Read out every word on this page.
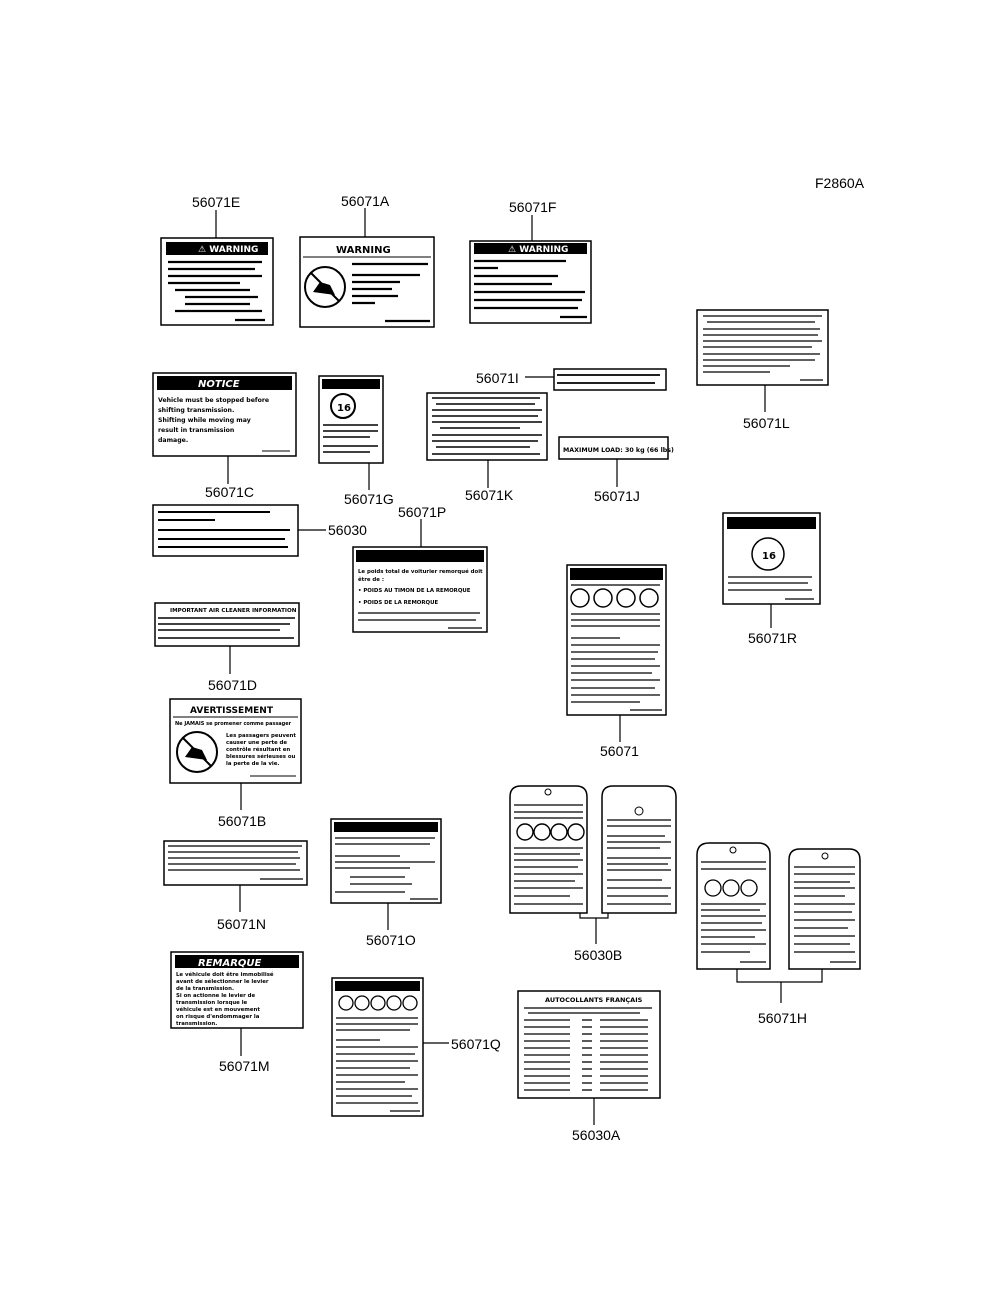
F2860A
⚠ WARNING
56071E
WARNING
56071A
⚠ WARNING
56071F
56071L
56071I
NOTICE
Vehicle must be stopped before
shifting transmission.
Shifting while moving may
result in transmission
damage.
56071C
16
56071G	56071K
MAXIMUM LOAD: 30 kg (66 lbs)
56071J
56030
Le poids total de voiturier remorqué doit
être de :
• POIDS AU TIMON DE LA REMORQUE
• POIDS DE LA REMORQUE
56071P
16
56071R
IMPORTANT AIR CLEANER INFORMATION
56071D
56071
AVERTISSEMENT
Ne JAMAIS se promener comme passager
Les passagers peuvent
causer une perte de
contrôle résultant en
blessures sérieuses ou
la perte de la vie.
56071B
56071N
56071O
56030B
56071H
REMARQUE
Le véhicule doit être immobilisé
avant de sélectionner le levier
de la transmission.
Si on actionne le levier de
transmission lorsque le
véhicule est en mouvement
on risque d'endommager la
transmission.
56071M
56071Q
AUTOCOLLANTS FRANÇAIS
56030A
